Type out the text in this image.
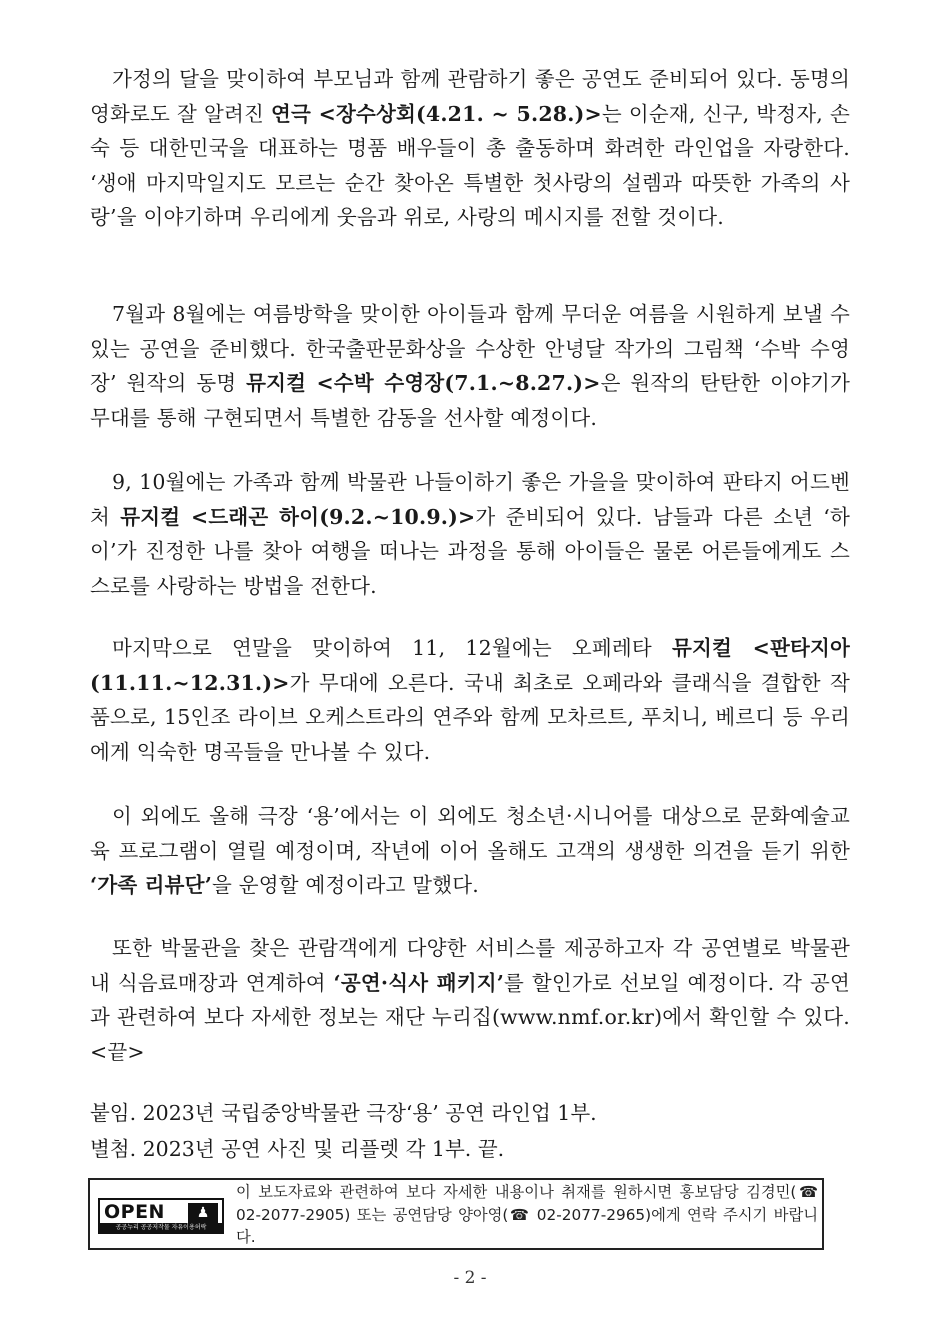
가정의 달을 맞이하여 부모님과 함께 관람하기 좋은 공연도 준비되어 있다. 동명의 영화로도 잘 알려진 연극 <장수상회(4.21. ~ 5.28.)>는 이순재, 신구, 박정자, 손숙 등 대한민국을 대표하는 명품 배우들이 총 출동하며 화려한 라인업을 자랑한다. ‘생애 마지막일지도 모르는 순간 찾아온 특별한 첫사랑의 설렘과 따뜻한 가족의 사랑’을 이야기하며 우리에게 웃음과 위로, 사랑의 메시지를 전할 것이다.

7월과 8월에는 여름방학을 맞이한 아이들과 함께 무더운 여름을 시원하게 보낼 수 있는 공연을 준비했다. 한국출판문화상을 수상한 안녕달 작가의 그림책 ‘수박 수영장’ 원작의 동명 뮤지컬 <수박 수영장(7.1.~8.27.)>은 원작의 탄탄한 이야기가 무대를 통해 구현되면서 특별한 감동을 선사할 예정이다.

9, 10월에는 가족과 함께 박물관 나들이하기 좋은 가을을 맞이하여 판타지 어드벤처 뮤지컬 <드래곤 하이(9.2.~10.9.)>가 준비되어 있다. 남들과 다른 소년 ‘하이’가 진정한 나를 찾아 여행을 떠나는 과정을 통해 아이들은 물론 어른들에게도 스스로를 사랑하는 방법을 전한다.

마지막으로 연말을 맞이하여 11, 12월에는 오페레타 뮤지컬 <판타지아 (11.11.~12.31.)>가 무대에 오른다. 국내 최초로 오페라와 클래식을 결합한 작품으로, 15인조 라이브 오케스트라의 연주와 함께 모차르트, 푸치니, 베르디 등 우리에게 익숙한 명곡들을 만나볼 수 있다.

이 외에도 올해 극장 ‘용’에서는 이 외에도 청소년·시니어를 대상으로 문화예술교육 프로그램이 열릴 예정이며, 작년에 이어 올해도 고객의 생생한 의견을 듣기 위한 ‘가족 리뷰단’을 운영할 예정이라고 말했다.

또한 박물관을 찾은 관람객에게 다양한 서비스를 제공하고자 각 공연별로 박물관 내 식음료매장과 연계하여 ‘공연·식사 패키지’를 할인가로 선보일 예정이다. 각 공연과 관련하여 보다 자세한 정보는 재단 누리집(www.nmf.or.kr)에서 확인할 수 있다. <끝>

붙임. 2023년 국립중앙박물관 극장‘용’ 공연 라인업 1부.

별첨. 2023년 공연 사진 및 리플렛 각 1부. 끝.

OPEN	♟
공공누리 공공저작물 자유이용허락

이 보도자료와 관련하여 보다 자세한 내용이나 취재를 원하시면 홍보담당 김경민(☎ 02-2077-2905) 또는 공연담당 양아영(☎ 02-2077-2965)에게 연락 주시기 바랍니다.

- 2 -
